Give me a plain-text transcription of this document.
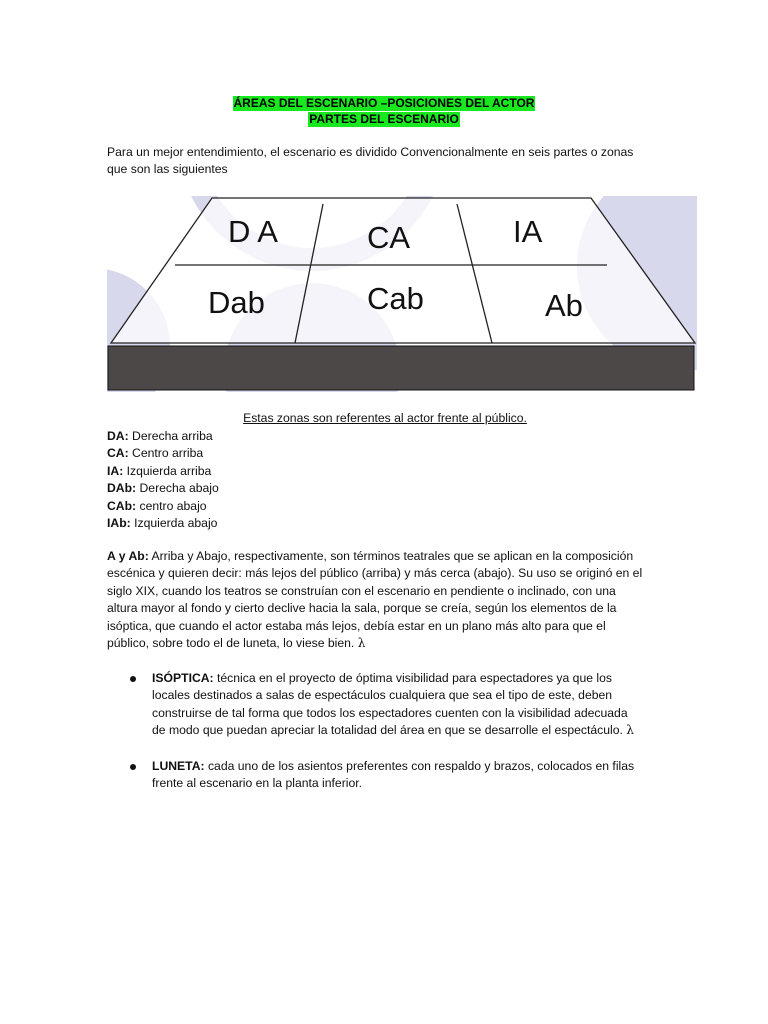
ÁREAS DEL ESCENARIO –POSICIONES DEL ACTOR
PARTES DEL ESCENARIO
Para un mejor entendimiento, el escenario es dividido Convencionalmente en seis partes o zonas
que son las siguientes
D A	CA	IA
Dab	Cab	Ab
Estas zonas son referentes al actor frente al público.
DA: Derecha arriba
CA: Centro arriba
IA: Izquierda arriba
DAb: Derecha abajo
CAb: centro abajo
IAb: Izquierda abajo
A y Ab: Arriba y Abajo, respectivamente, son términos teatrales que se aplican en la composición
escénica y quieren decir: más lejos del público (arriba) y más cerca (abajo). Su uso se originó en el
siglo XIX, cuando los teatros se construían con el escenario en pendiente o inclinado, con una
altura mayor al fondo y cierto declive hacia la sala, porque se creía, según los elementos de la
isóptica, que cuando el actor estaba más lejos, debía estar en un plano más alto para que el
público, sobre todo el de luneta, lo viese bien. λ
ISÓPTICA: técnica en el proyecto de óptima visibilidad para espectadores ya que los
locales destinados a salas de espectáculos cualquiera que sea el tipo de este, deben
construirse de tal forma que todos los espectadores cuenten con la visibilidad adecuada
de modo que puedan apreciar la totalidad del área en que se desarrolle el espectáculo. λ
LUNETA: cada uno de los asientos preferentes con respaldo y brazos, colocados en filas
frente al escenario en la planta inferior.
